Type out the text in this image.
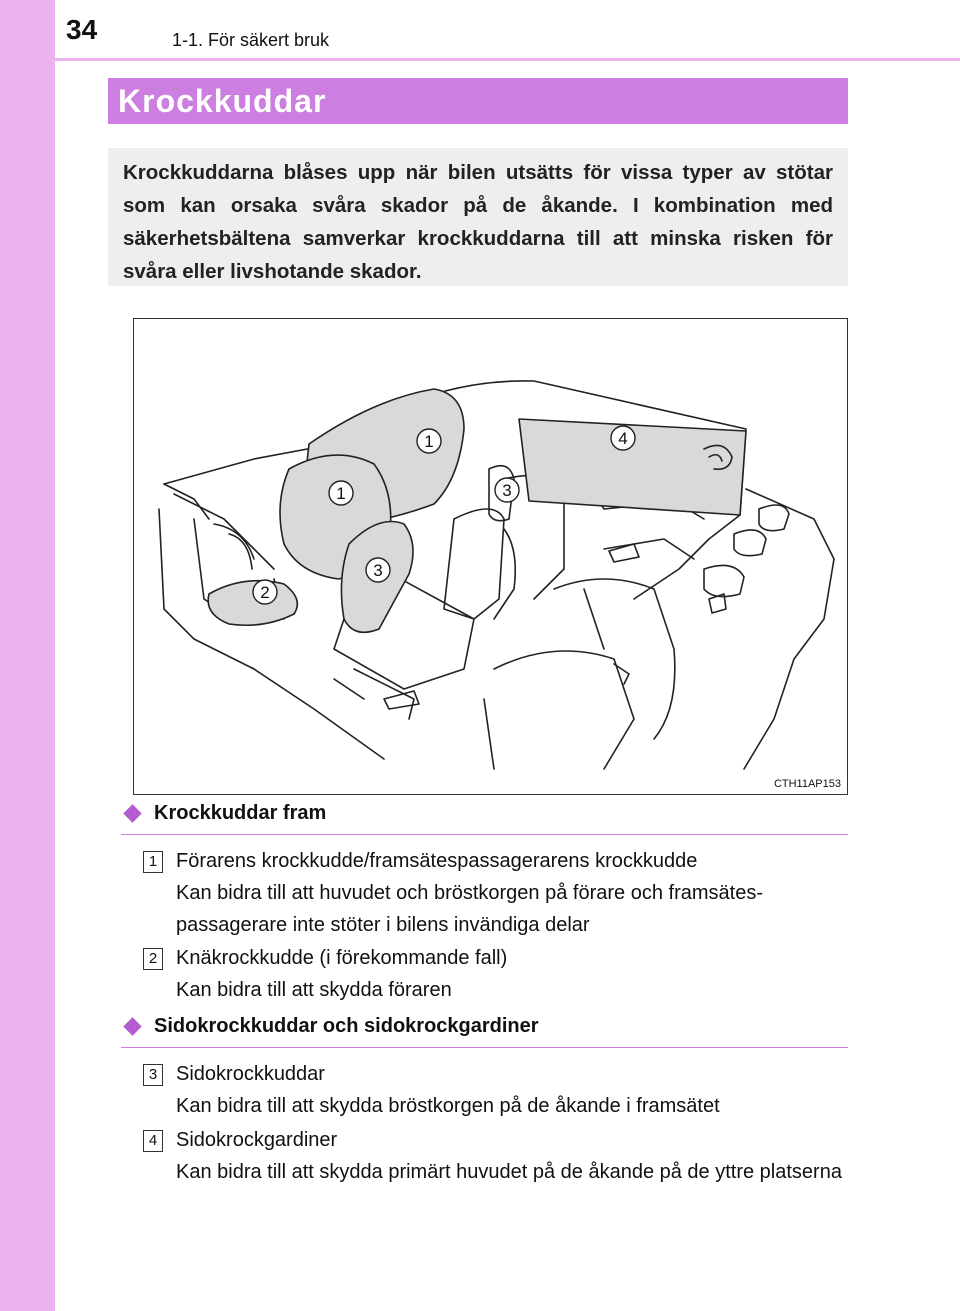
34	1-1. För säkert bruk
Krockkuddar
Krockkuddarna blåses upp när bilen utsätts för vissa typer av stötar som kan orsaka svåra skador på de åkande. I kombination med säkerhetsbältena samverkar krockkuddarna till att minska risken för svåra eller livshotande skador.
1
1
2
3
3
4
CTH11AP153
Krockkuddar fram
1 Förarens krockkudde/framsätespassagerarens krockkudde
Kan bidra till att huvudet och bröstkorgen på förare och framsätes-passagerare inte stöter i bilens invändiga delar
2 Knäkrockkudde (i förekommande fall)
Kan bidra till att skydda föraren
Sidokrockkuddar och sidokrockgardiner
3 Sidokrockkuddar
Kan bidra till att skydda bröstkorgen på de åkande i framsätet
4 Sidokrockgardiner
Kan bidra till att skydda primärt huvudet på de åkande på de yttre platserna
